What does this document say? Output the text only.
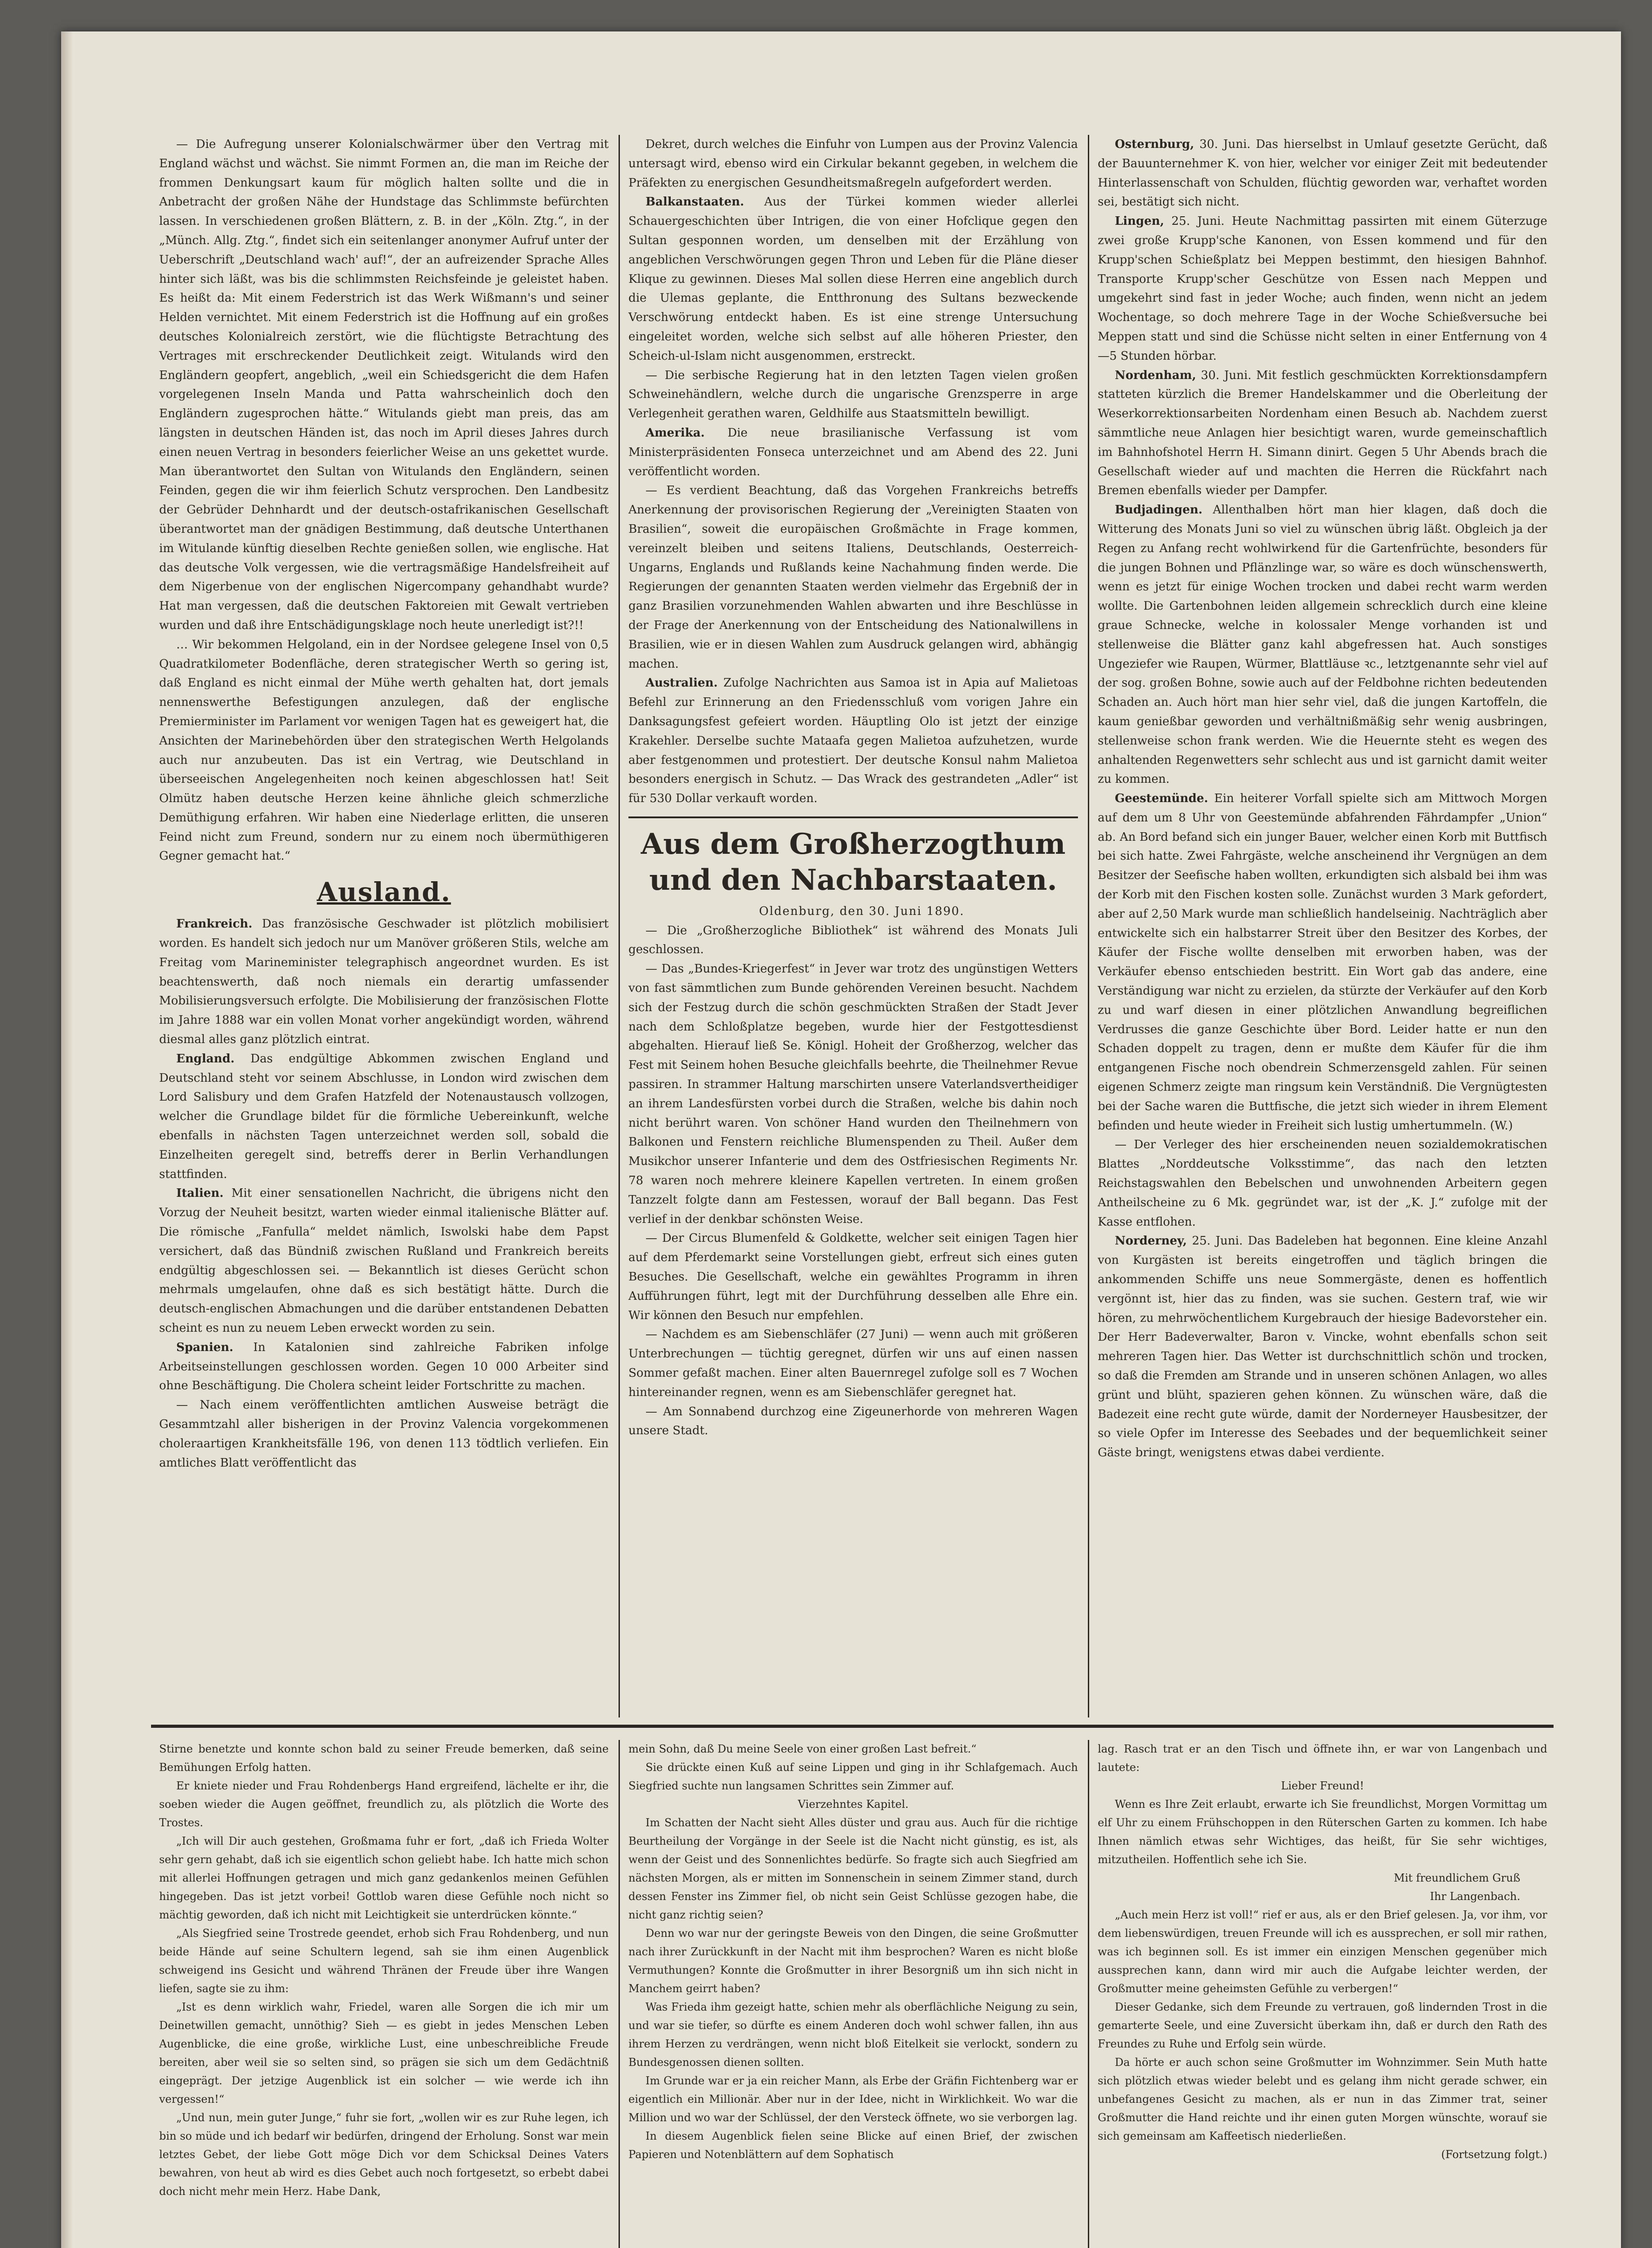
— Die Aufregung unserer Kolonialschwärmer über den Vertrag mit England wächst und wächst. Sie nimmt Formen an, die man im Reiche der frommen Denkungsart kaum für möglich halten sollte und die in Anbetracht der großen Nähe der Hundstage das Schlimmste befürchten lassen. In verschiedenen großen Blättern, z. B. in der „Köln. Ztg.“, in der „Münch. Allg. Ztg.“, findet sich ein seitenlanger anonymer Aufruf unter der Ueberschrift „Deutschland wach' auf!“, der an aufreizender Sprache Alles hinter sich läßt, was bis die schlimmsten Reichsfeinde je geleistet haben. Es heißt da: Mit einem Federstrich ist das Werk Wißmann's und seiner Helden vernichtet. Mit einem Federstrich ist die Hoffnung auf ein großes deutsches Kolonialreich zerstört, wie die flüchtigste Betrachtung des Vertrages mit erschreckender Deutlichkeit zeigt. Witulands wird den Engländern geopfert, angeblich, „weil ein Schiedsgericht die dem Hafen vorgelegenen Inseln Manda und Patta wahrscheinlich doch den Engländern zugesprochen hätte.“ Witulands giebt man preis, das am längsten in deutschen Händen ist, das noch im April dieses Jahres durch einen neuen Vertrag in besonders feierlicher Weise an uns gekettet wurde. Man überantwortet den Sultan von Witulands den Engländern, seinen Feinden, gegen die wir ihm feierlich Schutz versprochen. Den Landbesitz der Gebrüder Dehnhardt und der deutsch-ostafrikanischen Gesellschaft überantwortet man der gnädigen Bestimmung, daß deutsche Unterthanen im Witulande künftig dieselben Rechte genießen sollen, wie englische. Hat das deutsche Volk vergessen, wie die vertragsmäßige Handelsfreiheit auf dem Nigerbenue von der englischen Nigercompany gehandhabt wurde? Hat man vergessen, daß die deutschen Faktoreien mit Gewalt vertrieben wurden und daß ihre Entschädigungsklage noch heute unerledigt ist?!!

… Wir bekommen Helgoland, ein in der Nordsee gelegene Insel von 0,5 Quadratkilometer Bodenfläche, deren strategischer Werth so gering ist, daß England es nicht einmal der Mühe werth gehalten hat, dort jemals nennenswerthe Befestigungen anzulegen, daß der englische Premierminister im Parlament vor wenigen Tagen hat es geweigert hat, die Ansichten der Marinebehörden über den strategischen Werth Helgolands auch nur anzubeuten. Das ist ein Vertrag, wie Deutschland in überseeischen Angelegenheiten noch keinen abgeschlossen hat! Seit Olmütz haben deutsche Herzen keine ähnliche gleich schmerzliche Demüthigung erfahren. Wir haben eine Niederlage erlitten, die unseren Feind nicht zum Freund, sondern nur zu einem noch übermüthigeren Gegner gemacht hat.“

Ausland.

Frankreich. Das französische Geschwader ist plötzlich mobilisiert worden. Es handelt sich jedoch nur um Manöver größeren Stils, welche am Freitag vom Marineminister telegraphisch angeordnet wurden. Es ist beachtenswerth, daß noch niemals ein derartig umfassender Mobilisierungsversuch erfolgte. Die Mobilisierung der französischen Flotte im Jahre 1888 war ein vollen Monat vorher angekündigt worden, während diesmal alles ganz plötzlich eintrat.

England. Das endgültige Abkommen zwischen England und Deutschland steht vor seinem Abschlusse, in London wird zwischen dem Lord Salisbury und dem Grafen Hatzfeld der Notenaustausch vollzogen, welcher die Grundlage bildet für die förmliche Uebereinkunft, welche ebenfalls in nächsten Tagen unterzeichnet werden soll, sobald die Einzelheiten geregelt sind, betreffs derer in Berlin Verhandlungen stattfinden.

Italien. Mit einer sensationellen Nachricht, die übrigens nicht den Vorzug der Neuheit besitzt, warten wieder einmal italienische Blätter auf. Die römische „Fanfulla“ meldet nämlich, Iswolski habe dem Papst versichert, daß das Bündniß zwischen Rußland und Frankreich bereits endgültig abgeschlossen sei. — Bekanntlich ist dieses Gerücht schon mehrmals umgelaufen, ohne daß es sich bestätigt hätte. Durch die deutsch-englischen Abmachungen und die darüber entstandenen Debatten scheint es nun zu neuem Leben erweckt worden zu sein.

Spanien. In Katalonien sind zahlreiche Fabriken infolge Arbeitseinstellungen geschlossen worden. Gegen 10 000 Arbeiter sind ohne Beschäftigung. Die Cholera scheint leider Fortschritte zu machen.

— Nach einem veröffentlichten amtlichen Ausweise beträgt die Gesammtzahl aller bisherigen in der Provinz Valencia vorgekommenen choleraartigen Krankheitsfälle 196, von denen 113 tödtlich verliefen. Ein amtliches Blatt veröffentlicht das

Dekret, durch welches die Einfuhr von Lumpen aus der Provinz Valencia untersagt wird, ebenso wird ein Cirkular bekannt gegeben, in welchem die Präfekten zu energischen Gesundheitsmaßregeln aufgefordert werden.

Balkanstaaten. Aus der Türkei kommen wieder allerlei Schauergeschichten über Intrigen, die von einer Hofclique gegen den Sultan gesponnen worden, um denselben mit der Erzählung von angeblichen Verschwörungen gegen Thron und Leben für die Pläne dieser Klique zu gewinnen. Dieses Mal sollen diese Herren eine angeblich durch die Ulemas geplante, die Entthronung des Sultans bezweckende Verschwörung entdeckt haben. Es ist eine strenge Untersuchung eingeleitet worden, welche sich selbst auf alle höheren Priester, den Scheich-ul-Islam nicht ausgenommen, erstreckt.

— Die serbische Regierung hat in den letzten Tagen vielen großen Schweinehändlern, welche durch die ungarische Grenzsperre in arge Verlegenheit gerathen waren, Geldhilfe aus Staatsmitteln bewilligt.

Amerika. Die neue brasilianische Verfassung ist vom Ministerpräsidenten Fonseca unterzeichnet und am Abend des 22. Juni veröffentlicht worden.

— Es verdient Beachtung, daß das Vorgehen Frankreichs betreffs Anerkennung der provisorischen Regierung der „Vereinigten Staaten von Brasilien“, soweit die europäischen Großmächte in Frage kommen, vereinzelt bleiben und seitens Italiens, Deutschlands, Oesterreich-Ungarns, Englands und Rußlands keine Nachahmung finden werde. Die Regierungen der genannten Staaten werden vielmehr das Ergebniß der in ganz Brasilien vorzunehmenden Wahlen abwarten und ihre Beschlüsse in der Frage der Anerkennung von der Entscheidung des Nationalwillens in Brasilien, wie er in diesen Wahlen zum Ausdruck gelangen wird, abhängig machen.

Australien. Zufolge Nachrichten aus Samoa ist in Apia auf Malietoas Befehl zur Erinnerung an den Friedensschluß vom vorigen Jahre ein Danksagungsfest gefeiert worden. Häuptling Olo ist jetzt der einzige Krakehler. Derselbe suchte Mataafa gegen Malietoa aufzuhetzen, wurde aber festgenommen und protestiert. Der deutsche Konsul nahm Malietoa besonders energisch in Schutz. — Das Wrack des gestrandeten „Adler“ ist für 530 Dollar verkauft worden.

Aus dem Großherzogthum und den Nachbarstaaten.

Oldenburg, den 30. Juni 1890.

— Die „Großherzogliche Bibliothek“ ist während des Monats Juli geschlossen.

— Das „Bundes-Kriegerfest“ in Jever war trotz des ungünstigen Wetters von fast sämmtlichen zum Bunde gehörenden Vereinen besucht. Nachdem sich der Festzug durch die schön geschmückten Straßen der Stadt Jever nach dem Schloßplatze begeben, wurde hier der Festgottesdienst abgehalten. Hierauf ließ Se. Königl. Hoheit der Großherzog, welcher das Fest mit Seinem hohen Besuche gleichfalls beehrte, die Theilnehmer Revue passiren. In strammer Haltung marschirten unsere Vaterlandsvertheidiger an ihrem Landesfürsten vorbei durch die Straßen, welche bis dahin noch nicht berührt waren. Von schöner Hand wurden den Theilnehmern von Balkonen und Fenstern reichliche Blumenspenden zu Theil. Außer dem Musikchor unserer Infanterie und dem des Ostfriesischen Regiments Nr. 78 waren noch mehrere kleinere Kapellen vertreten. In einem großen Tanzzelt folgte dann am Festessen, worauf der Ball begann. Das Fest verlief in der denkbar schönsten Weise.

— Der Circus Blumenfeld & Goldkette, welcher seit einigen Tagen hier auf dem Pferdemarkt seine Vorstellungen giebt, erfreut sich eines guten Besuches. Die Gesellschaft, welche ein gewähltes Programm in ihren Aufführungen führt, legt mit der Durchführung desselben alle Ehre ein. Wir können den Besuch nur empfehlen.

— Nachdem es am Siebenschläfer (27 Juni) — wenn auch mit größeren Unterbrechungen — tüchtig geregnet, dürfen wir uns auf einen nassen Sommer gefaßt machen. Einer alten Bauernregel zufolge soll es 7 Wochen hintereinander regnen, wenn es am Siebenschläfer geregnet hat.

— Am Sonnabend durchzog eine Zigeunerhorde von mehreren Wagen unsere Stadt.

Osternburg, 30. Juni. Das hierselbst in Umlauf gesetzte Gerücht, daß der Bauunternehmer K. von hier, welcher vor einiger Zeit mit bedeutender Hinterlassenschaft von Schulden, flüchtig geworden war, verhaftet worden sei, bestätigt sich nicht.

Lingen, 25. Juni. Heute Nachmittag passirten mit einem Güterzuge zwei große Krupp'sche Kanonen, von Essen kommend und für den Krupp'schen Schießplatz bei Meppen bestimmt, den hiesigen Bahnhof. Transporte Krupp'scher Geschütze von Essen nach Meppen und umgekehrt sind fast in jeder Woche; auch finden, wenn nicht an jedem Wochentage, so doch mehrere Tage in der Woche Schießversuche bei Meppen statt und sind die Schüsse nicht selten in einer Entfernung von 4—5 Stunden hörbar.

Nordenham, 30. Juni. Mit festlich geschmückten Korrektionsdampfern statteten kürzlich die Bremer Handelskammer und die Oberleitung der Weserkorrektionsarbeiten Nordenham einen Besuch ab. Nachdem zuerst sämmtliche neue Anlagen hier besichtigt waren, wurde gemeinschaftlich im Bahnhofshotel Herrn H. Simann dinirt. Gegen 5 Uhr Abends brach die Gesellschaft wieder auf und machten die Herren die Rückfahrt nach Bremen ebenfalls wieder per Dampfer.

Budjadingen. Allenthalben hört man hier klagen, daß doch die Witterung des Monats Juni so viel zu wünschen übrig läßt. Obgleich ja der Regen zu Anfang recht wohlwirkend für die Gartenfrüchte, besonders für die jungen Bohnen und Pflänzlinge war, so wäre es doch wünschenswerth, wenn es jetzt für einige Wochen trocken und dabei recht warm werden wollte. Die Gartenbohnen leiden allgemein schrecklich durch eine kleine graue Schnecke, welche in kolossaler Menge vorhanden ist und stellenweise die Blätter ganz kahl abgefressen hat. Auch sonstiges Ungeziefer wie Raupen, Würmer, Blattläuse ꝛc., letztgenannte sehr viel auf der sog. großen Bohne, sowie auch auf der Feldbohne richten bedeutenden Schaden an. Auch hört man hier sehr viel, daß die jungen Kartoffeln, die kaum genießbar geworden und verhältnißmäßig sehr wenig ausbringen, stellenweise schon frank werden. Wie die Heuernte steht es wegen des anhaltenden Regenwetters sehr schlecht aus und ist garnicht damit weiter zu kommen.

Geestemünde. Ein heiterer Vorfall spielte sich am Mittwoch Morgen auf dem um 8 Uhr von Geestemünde abfahrenden Fährdampfer „Union“ ab. An Bord befand sich ein junger Bauer, welcher einen Korb mit Buttfisch bei sich hatte. Zwei Fahrgäste, welche anscheinend ihr Vergnügen an dem Besitzer der Seefische haben wollten, erkundigten sich alsbald bei ihm was der Korb mit den Fischen kosten solle. Zunächst wurden 3 Mark gefordert, aber auf 2,50 Mark wurde man schließlich handelseinig. Nachträglich aber entwickelte sich ein halbstarrer Streit über den Besitzer des Korbes, der Käufer der Fische wollte denselben mit erworben haben, was der Verkäufer ebenso entschieden bestritt. Ein Wort gab das andere, eine Verständigung war nicht zu erzielen, da stürzte der Verkäufer auf den Korb zu und warf diesen in einer plötzlichen Anwandlung begreiflichen Verdrusses die ganze Geschichte über Bord. Leider hatte er nun den Schaden doppelt zu tragen, denn er mußte dem Käufer für die ihm entgangenen Fische noch obendrein Schmerzensgeld zahlen. Für seinen eigenen Schmerz zeigte man ringsum kein Verständniß. Die Vergnügtesten bei der Sache waren die Buttfische, die jetzt sich wieder in ihrem Element befinden und heute wieder in Freiheit sich lustig umhertummeln. (W.)

— Der Verleger des hier erscheinenden neuen sozialdemokratischen Blattes „Norddeutsche Volksstimme“, das nach den letzten Reichstagswahlen den Bebelschen und unwohnenden Arbeitern gegen Antheilscheine zu 6 Mk. gegründet war, ist der „K. J.“ zufolge mit der Kasse entflohen.

Norderney, 25. Juni. Das Badeleben hat begonnen. Eine kleine Anzahl von Kurgästen ist bereits eingetroffen und täglich bringen die ankommenden Schiffe uns neue Sommergäste, denen es hoffentlich vergönnt ist, hier das zu finden, was sie suchen. Gestern traf, wie wir hören, zu mehrwöchentlichem Kurgebrauch der hiesige Badevorsteher ein. Der Herr Badeverwalter, Baron v. Vincke, wohnt ebenfalls schon seit mehreren Tagen hier. Das Wetter ist durchschnittlich schön und trocken, so daß die Fremden am Strande und in unseren schönen Anlagen, wo alles grünt und blüht, spazieren gehen können. Zu wünschen wäre, daß die Badezeit eine recht gute würde, damit der Norderneyer Hausbesitzer, der so viele Opfer im Interesse des Seebades und der bequemlichkeit seiner Gäste bringt, wenigstens etwas dabei verdiente.

Stirne benetzte und konnte schon bald zu seiner Freude bemerken, daß seine Bemühungen Erfolg hatten.

Er kniete nieder und Frau Rohdenbergs Hand ergreifend, lächelte er ihr, die soeben wieder die Augen geöffnet, freundlich zu, als plötzlich die Worte des Trostes.

„Ich will Dir auch gestehen, Großmama fuhr er fort, „daß ich Frieda Wolter sehr gern gehabt, daß ich sie eigentlich schon geliebt habe. Ich hatte mich schon mit allerlei Hoffnungen getragen und mich ganz gedankenlos meinen Gefühlen hingegeben. Das ist jetzt vorbei! Gottlob waren diese Gefühle noch nicht so mächtig geworden, daß ich nicht mit Leichtigkeit sie unterdrücken könnte.“

„Als Siegfried seine Trostrede geendet, erhob sich Frau Rohdenberg, und nun beide Hände auf seine Schultern legend, sah sie ihm einen Augenblick schweigend ins Gesicht und während Thränen der Freude über ihre Wangen liefen, sagte sie zu ihm:

„Ist es denn wirklich wahr, Friedel, waren alle Sorgen die ich mir um Deinetwillen gemacht, unnöthig? Sieh — es giebt in jedes Menschen Leben Augenblicke, die eine große, wirkliche Lust, eine unbeschreibliche Freude bereiten, aber weil sie so selten sind, so prägen sie sich um dem Gedächtniß eingeprägt. Der jetzige Augenblick ist ein solcher — wie werde ich ihn vergessen!“

„Und nun, mein guter Junge,“ fuhr sie fort, „wollen wir es zur Ruhe legen, ich bin so müde und ich bedarf wir bedürfen, dringend der Erholung. Sonst war mein letztes Gebet, der liebe Gott möge Dich vor dem Schicksal Deines Vaters bewahren, von heut ab wird es dies Gebet auch noch fortgesetzt, so erbebt dabei doch nicht mehr mein Herz. Habe Dank,

mein Sohn, daß Du meine Seele von einer großen Last befreit.“

Sie drückte einen Kuß auf seine Lippen und ging in ihr Schlafgemach. Auch Siegfried suchte nun langsamen Schrittes sein Zimmer auf.

Vierzehntes Kapitel.

Im Schatten der Nacht sieht Alles düster und grau aus. Auch für die richtige Beurtheilung der Vorgänge in der Seele ist die Nacht nicht günstig, es ist, als wenn der Geist und des Sonnenlichtes bedürfe. So fragte sich auch Siegfried am nächsten Morgen, als er mitten im Sonnenschein in seinem Zimmer stand, durch dessen Fenster ins Zimmer fiel, ob nicht sein Geist Schlüsse gezogen habe, die nicht ganz richtig seien?

Denn wo war nur der geringste Beweis von den Dingen, die seine Großmutter nach ihrer Zurückkunft in der Nacht mit ihm besprochen? Waren es nicht bloße Vermuthungen? Konnte die Großmutter in ihrer Besorgniß um ihn sich nicht in Manchem geirrt haben?

Was Frieda ihm gezeigt hatte, schien mehr als oberflächliche Neigung zu sein, und war sie tiefer, so dürfte es einem Anderen doch wohl schwer fallen, ihn aus ihrem Herzen zu verdrängen, wenn nicht bloß Eitelkeit sie verlockt, sondern zu Bundesgenossen dienen sollten.

Im Grunde war er ja ein reicher Mann, als Erbe der Gräfin Fichtenberg war er eigentlich ein Millionär. Aber nur in der Idee, nicht in Wirklichkeit. Wo war die Million und wo war der Schlüssel, der den Versteck öffnete, wo sie verborgen lag.

In diesem Augenblick fielen seine Blicke auf einen Brief, der zwischen Papieren und Notenblättern auf dem Sophatisch

lag. Rasch trat er an den Tisch und öffnete ihn, er war von Langenbach und lautete:

Lieber Freund!

Wenn es Ihre Zeit erlaubt, erwarte ich Sie freundlichst, Morgen Vormittag um elf Uhr zu einem Frühschoppen in den Rüterschen Garten zu kommen. Ich habe Ihnen nämlich etwas sehr Wichtiges, das heißt, für Sie sehr wichtiges, mitzutheilen. Hoffentlich sehe ich Sie.

Mit freundlichem Gruß

Ihr Langenbach.

„Auch mein Herz ist voll!“ rief er aus, als er den Brief gelesen. Ja, vor ihm, vor dem liebenswürdigen, treuen Freunde will ich es aussprechen, er soll mir rathen, was ich beginnen soll. Es ist immer ein einzigen Menschen gegenüber mich aussprechen kann, dann wird mir auch die Aufgabe leichter werden, der Großmutter meine geheimsten Gefühle zu verbergen!“

Dieser Gedanke, sich dem Freunde zu vertrauen, goß lindernden Trost in die gemarterte Seele, und eine Zuversicht überkam ihn, daß er durch den Rath des Freundes zu Ruhe und Erfolg sein würde.

Da hörte er auch schon seine Großmutter im Wohnzimmer. Sein Muth hatte sich plötzlich etwas wieder belebt und es gelang ihm nicht gerade schwer, ein unbefangenes Gesicht zu machen, als er nun in das Zimmer trat, seiner Großmutter die Hand reichte und ihr einen guten Morgen wünschte, worauf sie sich gemeinsam am Kaffeetisch niederließen.

(Fortsetzung folgt.)
